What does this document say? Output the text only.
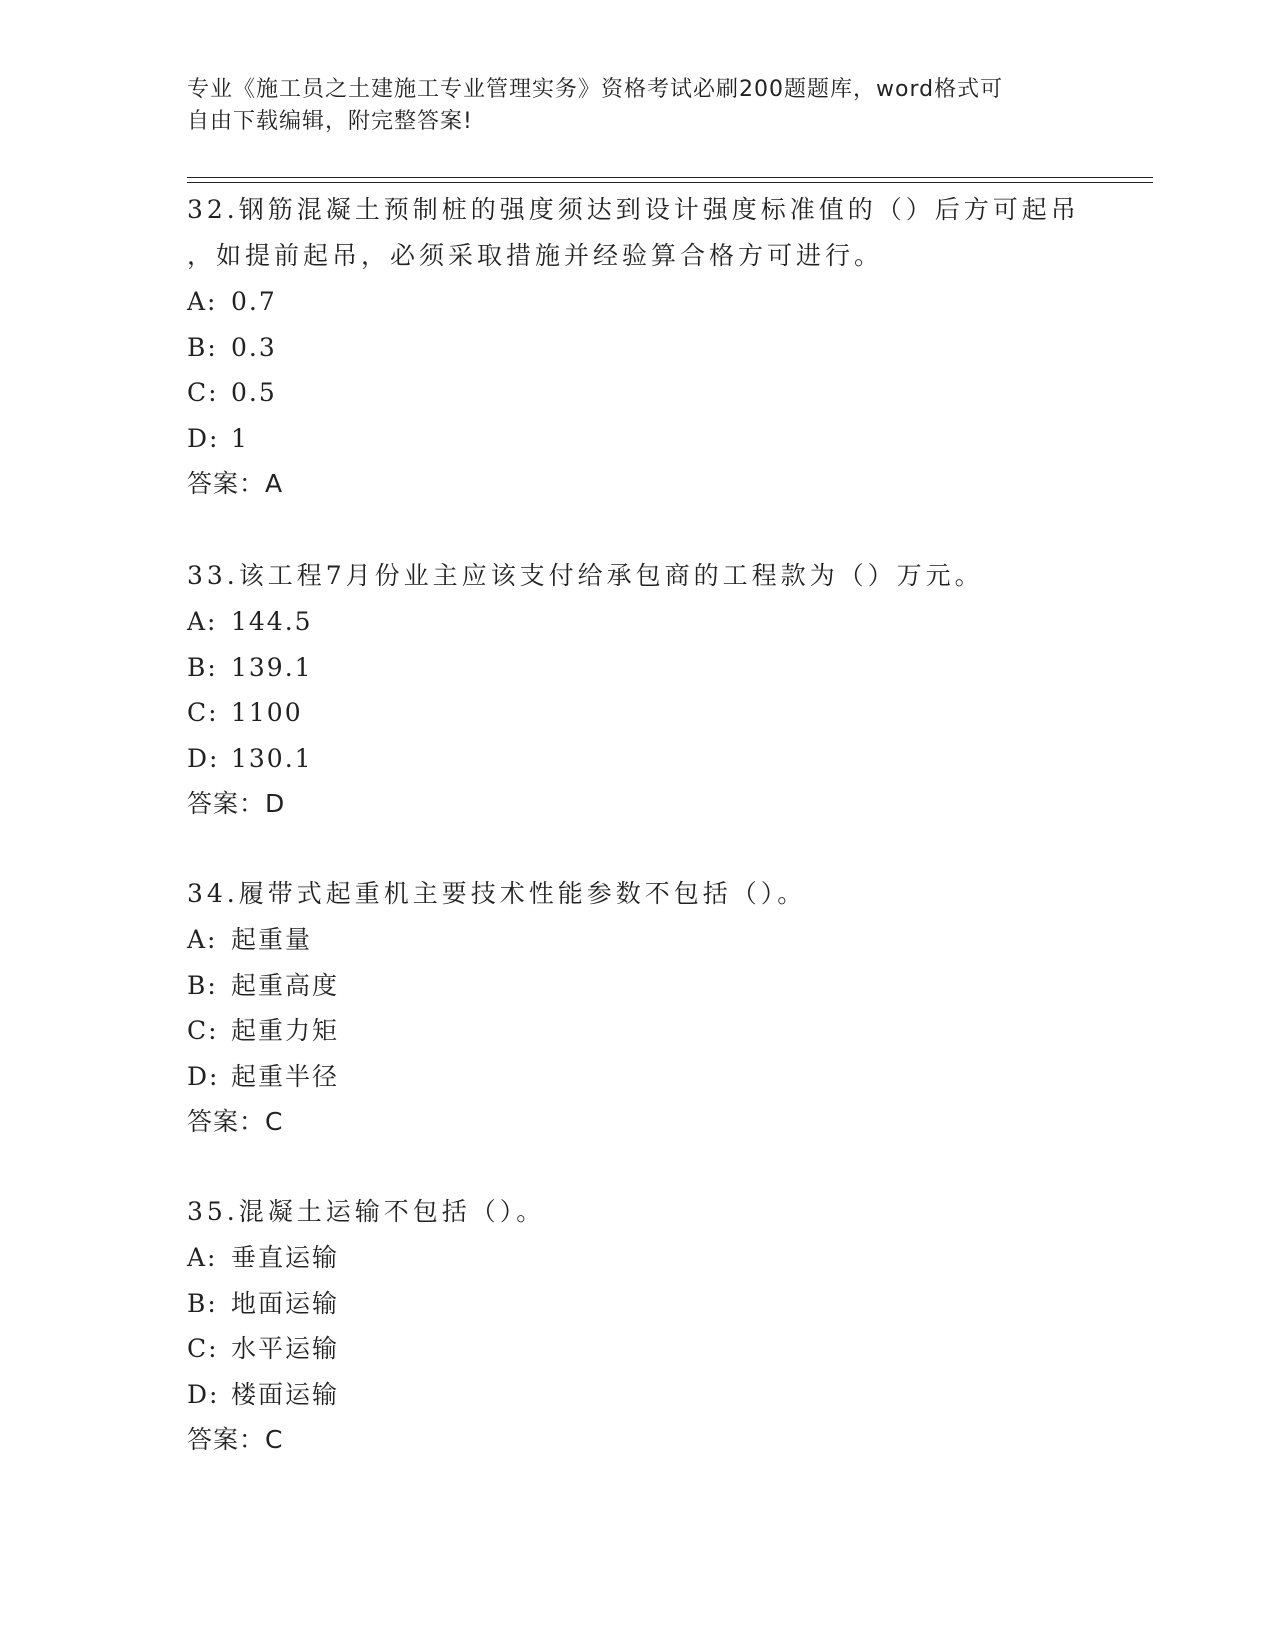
专业《施工员之土建施工专业管理实务》资格考试必刷200题题库，word格式可
自由下载编辑，附完整答案!

32.钢筋混凝土预制桩的强度须达到设计强度标准值的（）后方可起吊

，如提前起吊，必须采取措施并经验算合格方可进行。

A: 0.7

B: 0.3

C: 0.5

D: 1

答案：A

33.该工程7月份业主应该支付给承包商的工程款为（）万元。

A: 144.5

B: 139.1

C: 1100

D: 130.1

答案：D

34.履带式起重机主要技术性能参数不包括（）。

A: 起重量

B: 起重高度

C: 起重力矩

D: 起重半径

答案：C

35.混凝土运输不包括（）。

A: 垂直运输

B: 地面运输

C: 水平运输

D: 楼面运输

答案：C
